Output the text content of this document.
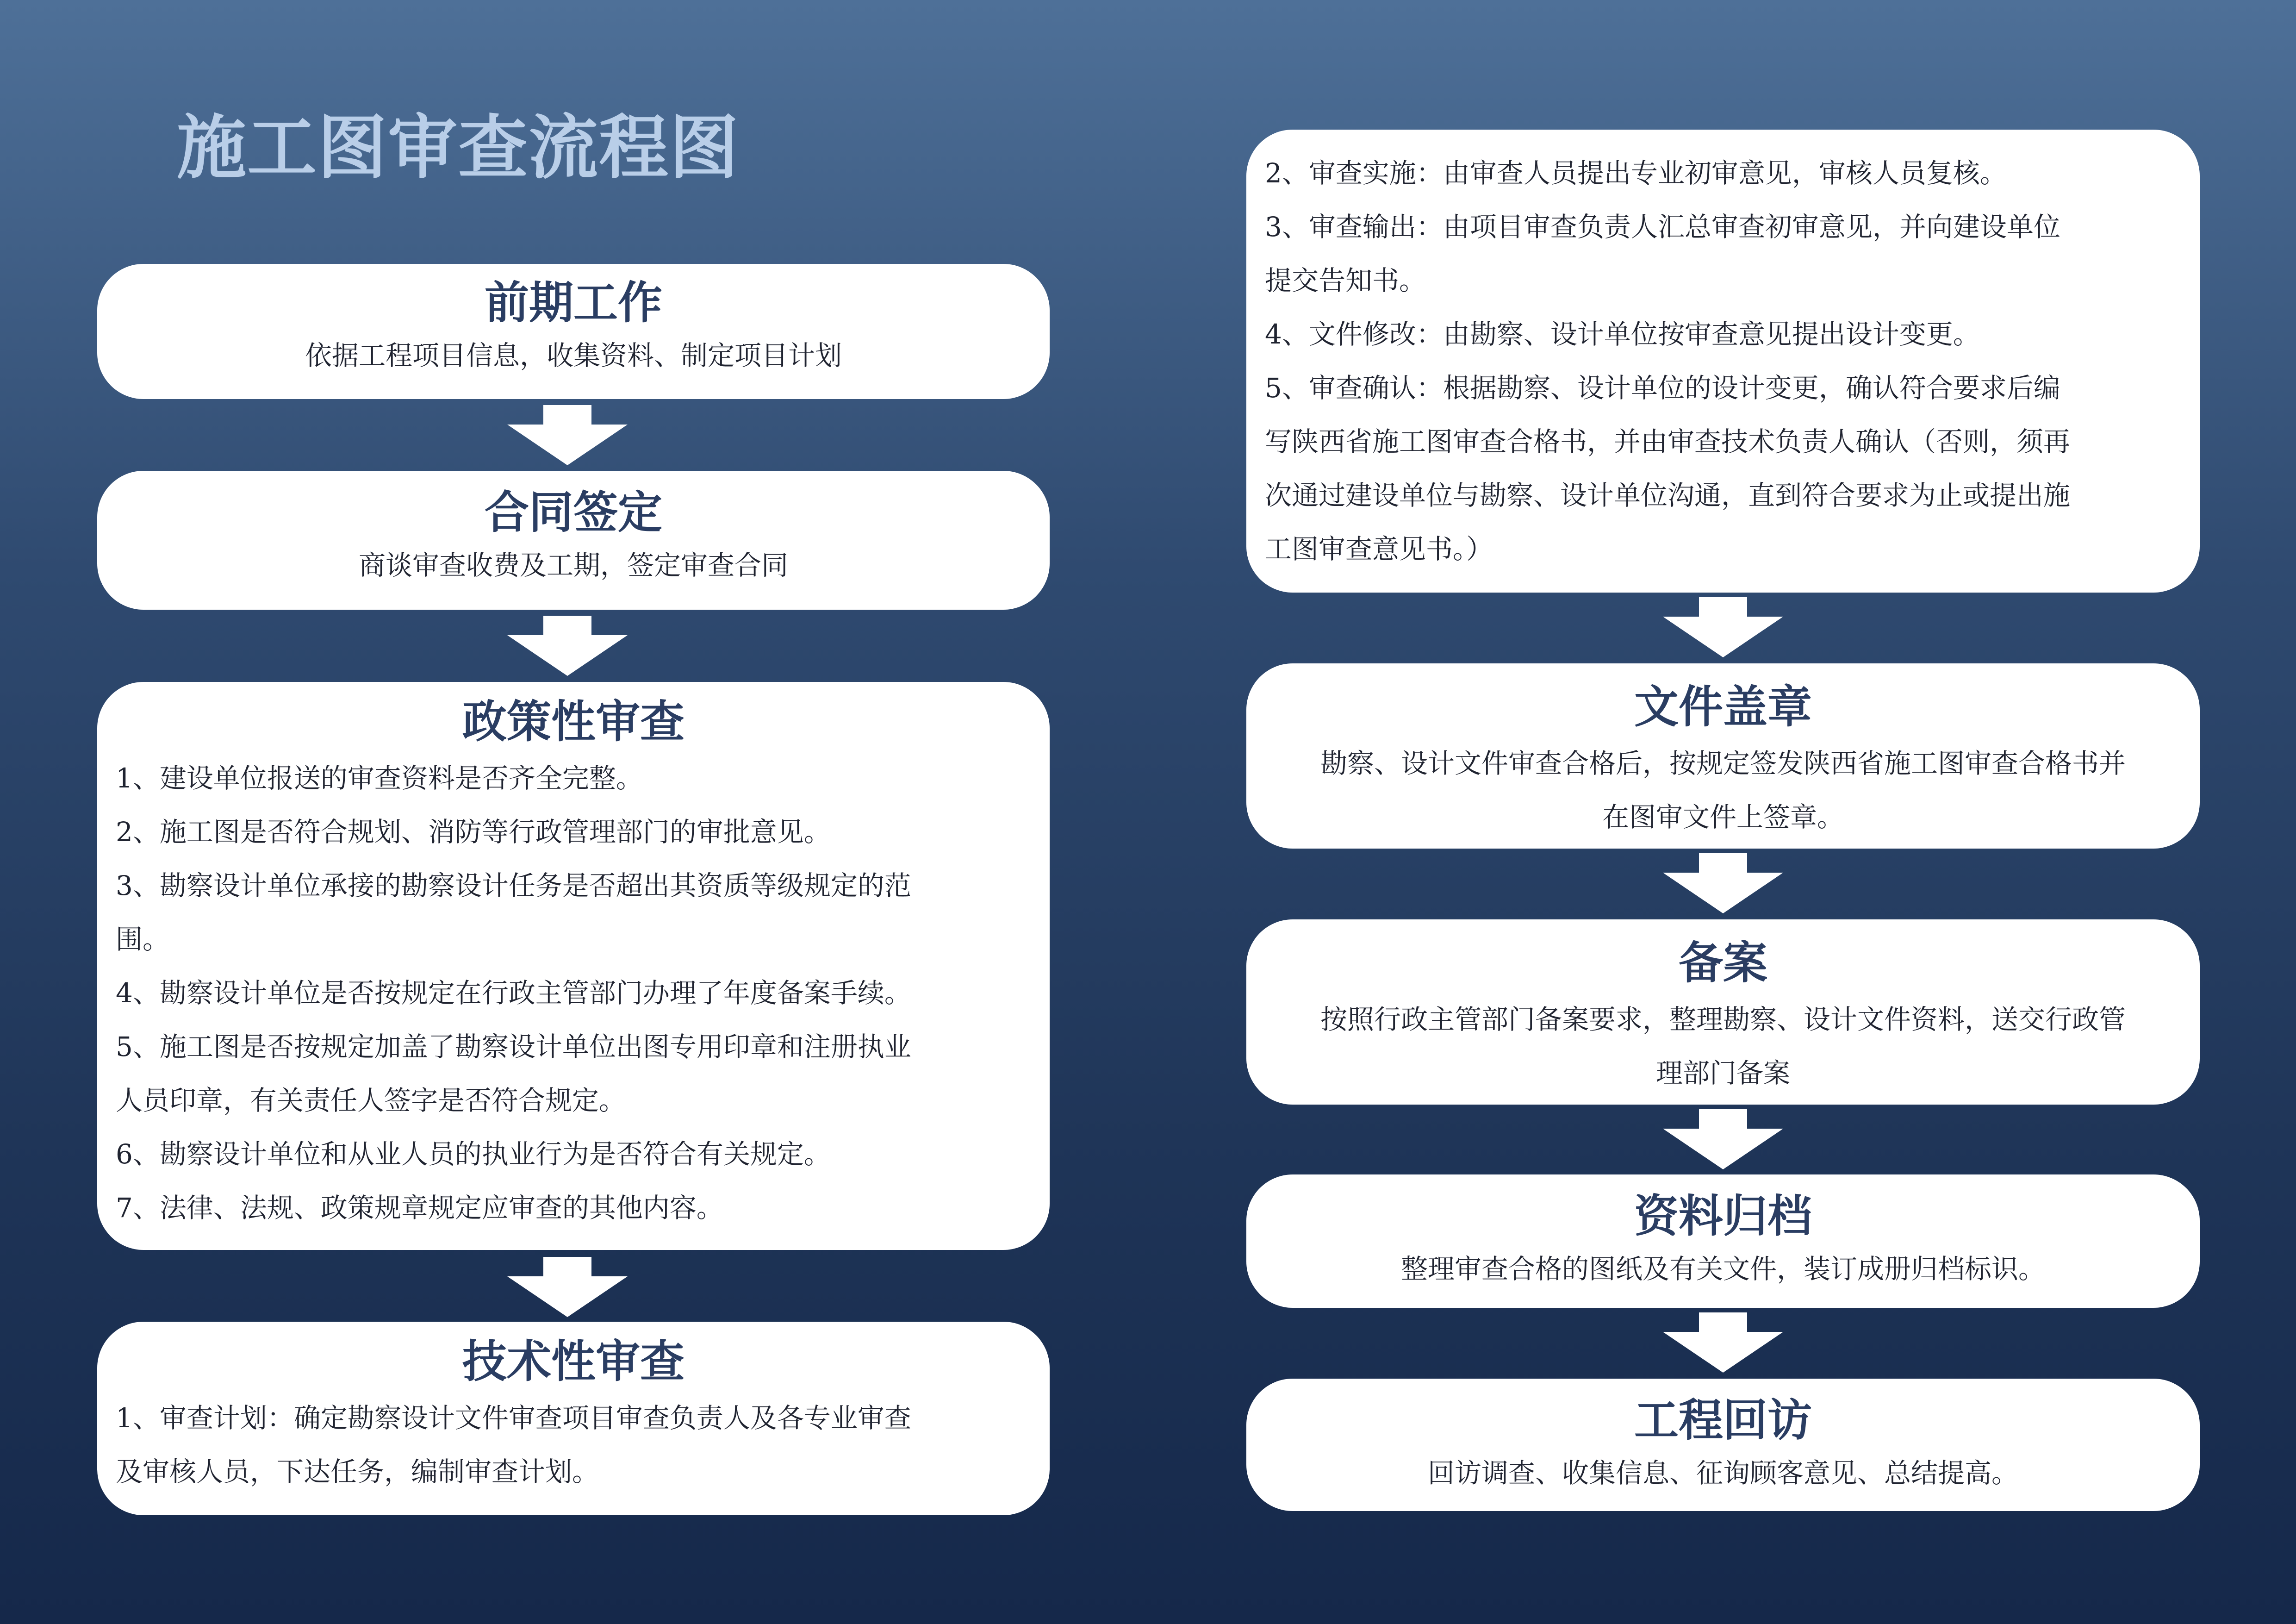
施工图审查流程图
前期工作
依据工程项目信息，收集资料、制定项目计划
合同签定
商谈审查收费及工期，签定审查合同
政策性审查
1、建设单位报送的审查资料是否齐全完整。
2、施工图是否符合规划、消防等行政管理部门的审批意见。
3、勘察设计单位承接的勘察设计任务是否超出其资质等级规定的范
围。
4、勘察设计单位是否按规定在行政主管部门办理了年度备案手续。
5、施工图是否按规定加盖了勘察设计单位出图专用印章和注册执业
人员印章，有关责任人签字是否符合规定。
6、勘察设计单位和从业人员的执业行为是否符合有关规定。
7、法律、法规、政策规章规定应审查的其他内容。
技术性审查
1、审查计划：确定勘察设计文件审查项目审查负责人及各专业审查
及审核人员，下达任务，编制审查计划。
2、审查实施：由审查人员提出专业初审意见，审核人员复核。
3、审查输出：由项目审查负责人汇总审查初审意见，并向建设单位
提交告知书。
4、文件修改：由勘察、设计单位按审查意见提出设计变更。
5、审查确认：根据勘察、设计单位的设计变更，确认符合要求后编
写陕西省施工图审查合格书，并由审查技术负责人确认（否则，须再
次通过建设单位与勘察、设计单位沟通，直到符合要求为止或提出施
工图审查意见书。）
文件盖章
勘察、设计文件审查合格后，按规定签发陕西省施工图审查合格书并
在图审文件上签章。
备案
按照行政主管部门备案要求，整理勘察、设计文件资料，送交行政管
理部门备案
资料归档
整理审查合格的图纸及有关文件，装订成册归档标识。
工程回访
回访调查、收集信息、征询顾客意见、总结提高。
